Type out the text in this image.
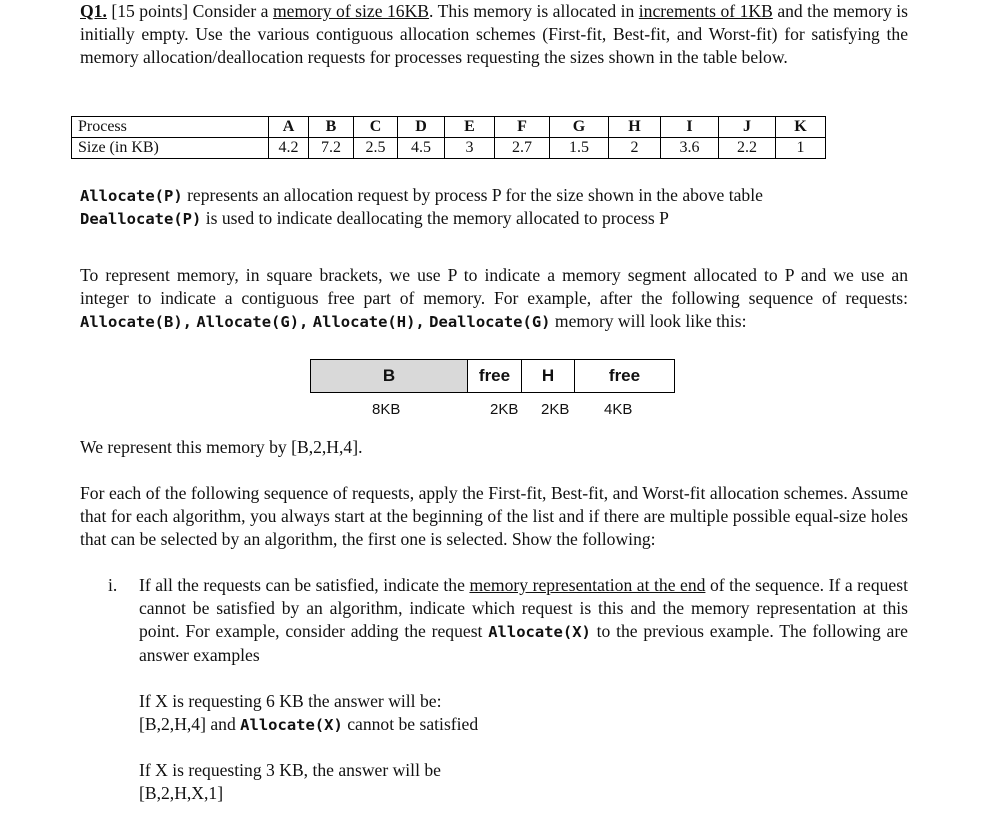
Q1. [15 points] Consider a memory of size 16KB. This memory is allocated in increments of 1KB and the memory is initially empty. Use the various contiguous allocation schemes (First-fit, Best-fit, and Worst-fit) for satisfying the memory allocation/deallocation requests for processes requesting the sizes shown in the table below.

Process	A	B	C	D	E	F	G	H	I	J	K
Size (in KB)	4.2	7.2	2.5	4.5	3	2.7	1.5	2	3.6	2.2	1

Allocate(P) represents an allocation request by process P for the size shown in the above table

Deallocate(P) is used to indicate deallocating the memory allocated to process P

To represent memory, in square brackets, we use P to indicate a memory segment allocated to P and we use an integer to indicate a contiguous free part of memory. For example, after the following sequence of requests: Allocate(B), Allocate(G), Allocate(H), Deallocate(G) memory will look like this:

B	free	H	free
8KB	2KB 2KB 4KB

We represent this memory by [B,2,H,4].

For each of the following sequence of requests, apply the First-fit, Best-fit, and Worst-fit allocation schemes. Assume that for each algorithm, you always start at the beginning of the list and if there are multiple possible equal-size holes that can be selected by an algorithm, the first one is selected. Show the following:

i. If all the requests can be satisfied, indicate the memory representation at the end of the sequence. If a request cannot be satisfied by an algorithm, indicate which request is this and the memory representation at this point. For example, consider adding the request Allocate(X) to the previous example. The following are answer examples

If X is requesting 6 KB the answer will be:

[B,2,H,4] and Allocate(X) cannot be satisfied

If X is requesting 3 KB, the answer will be

[B,2,H,X,1]
